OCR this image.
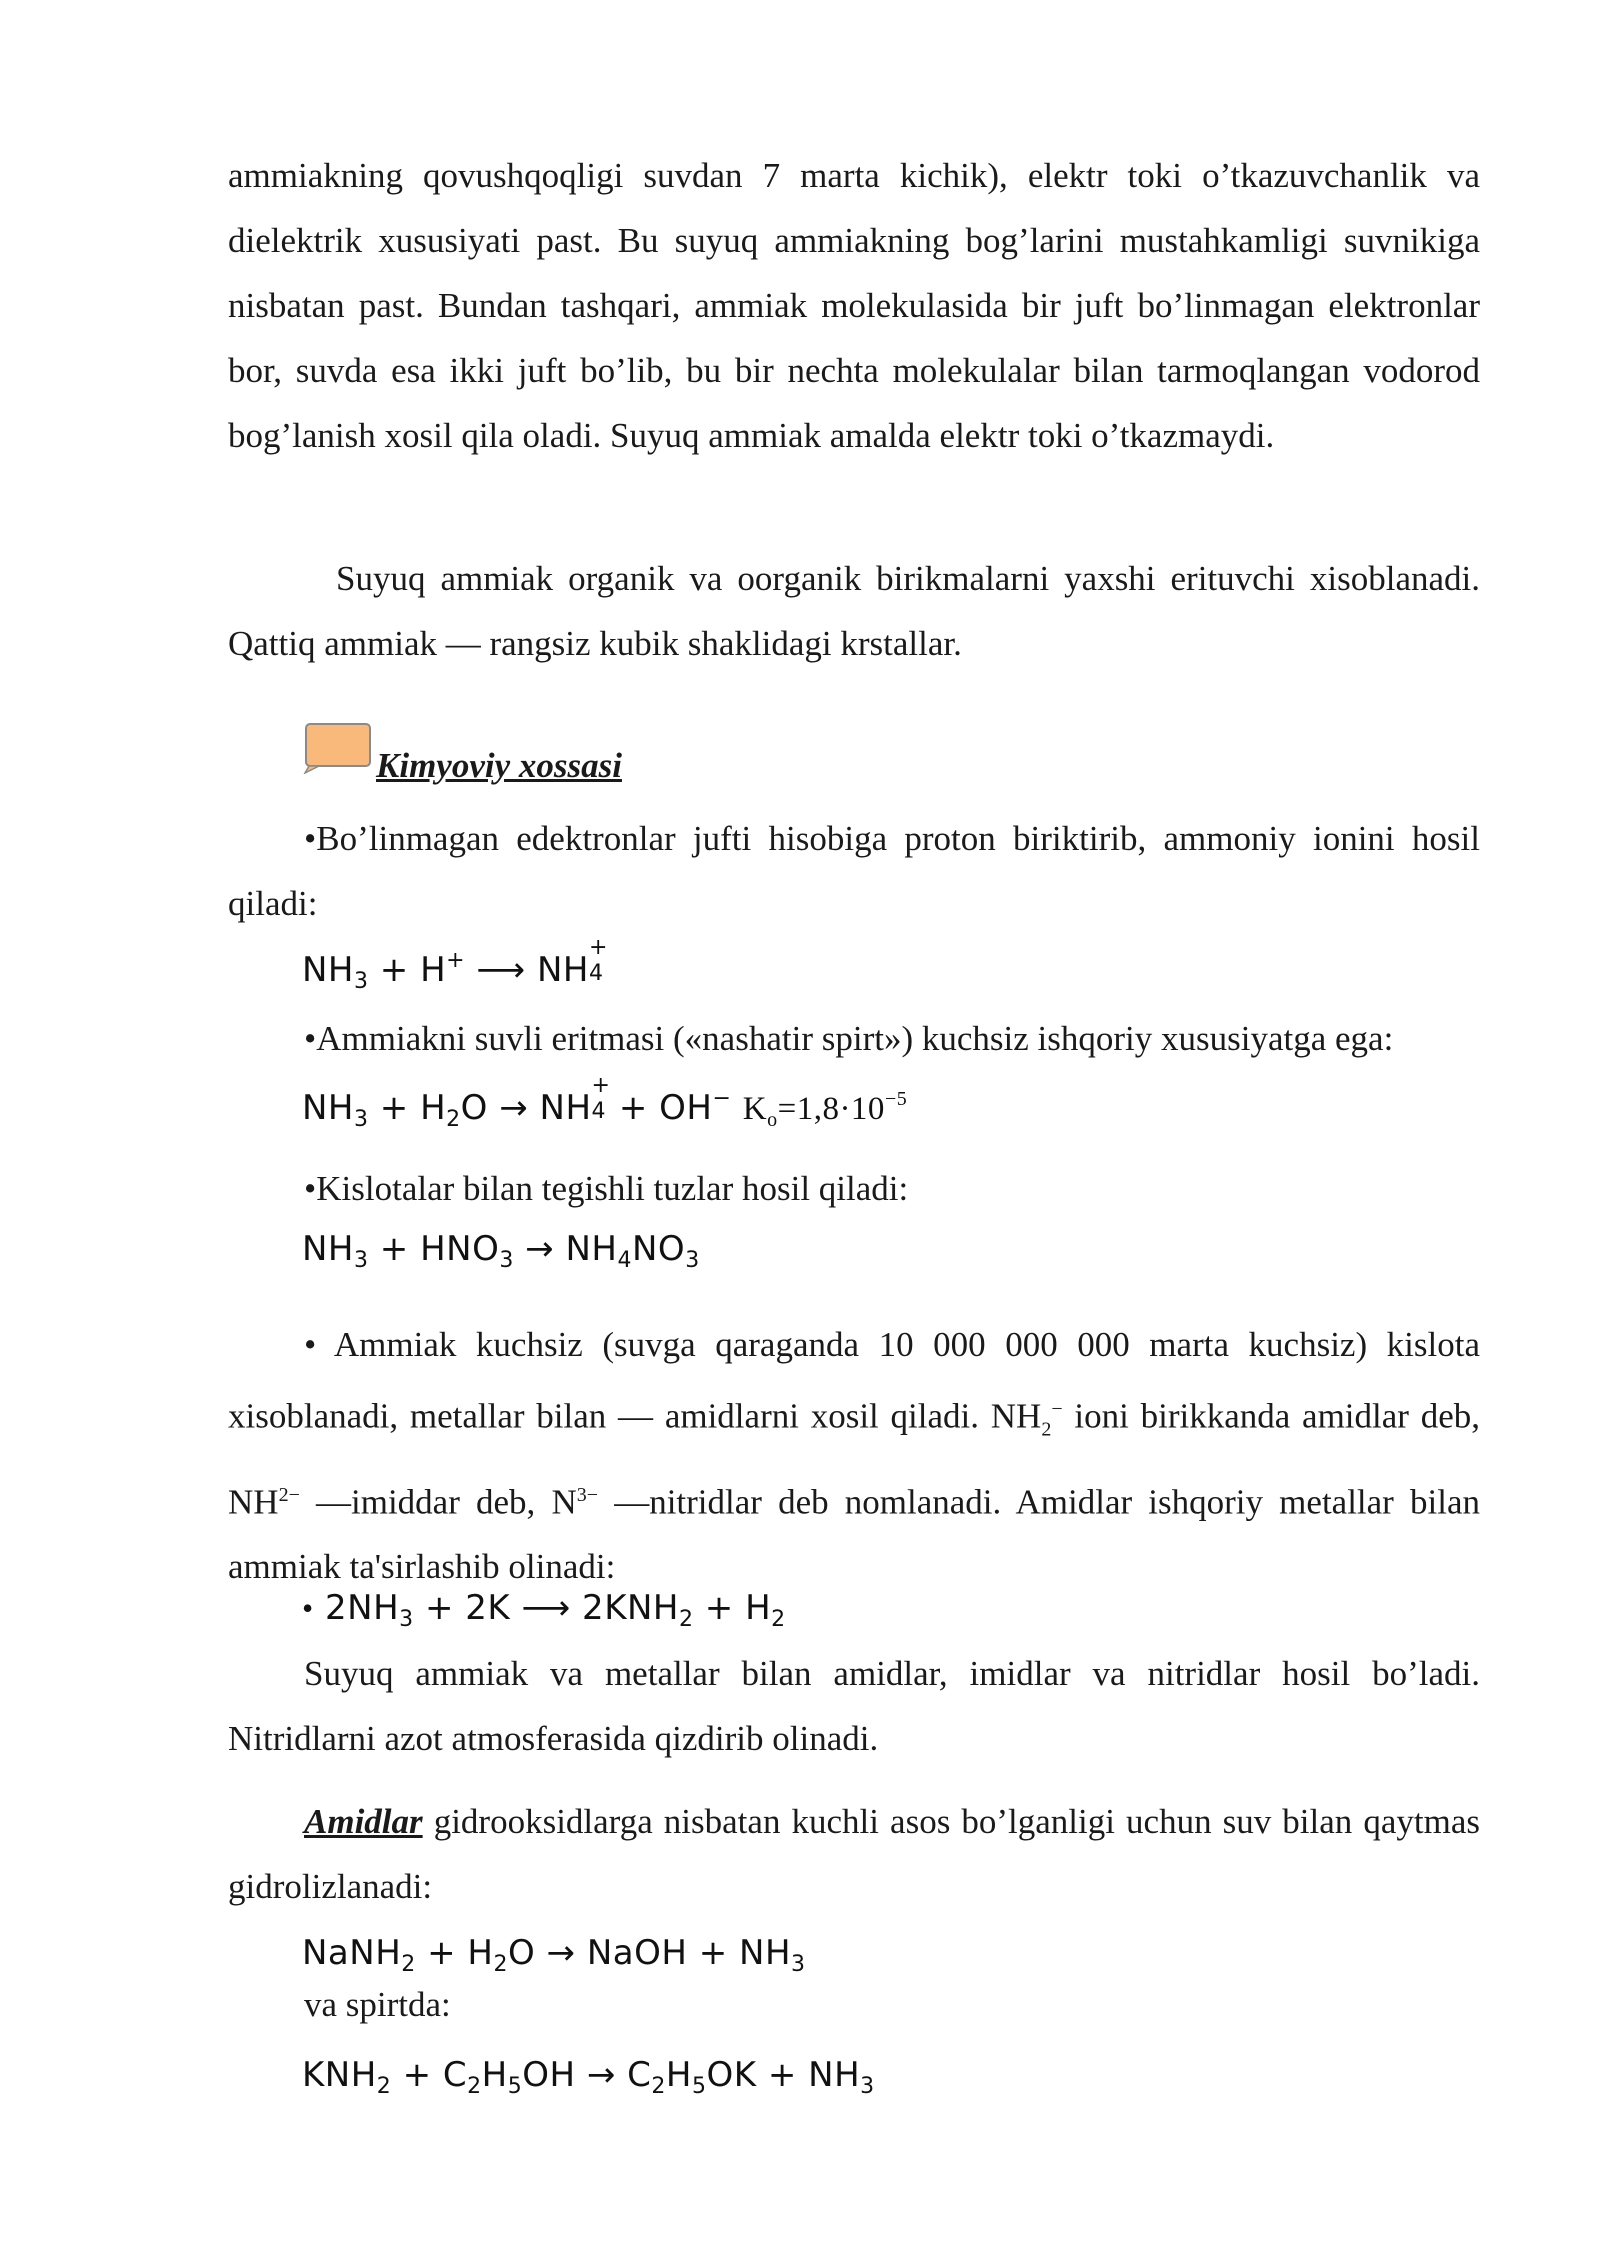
ammiakning qovushqoqligi suvdan 7 marta kichik), elektr toki o’tkazuvchanlik va dielektrik xususiyati past. Bu suyuq ammiakning bog’larini mustahkamligi suvnikiga nisbatan past. Bundan tashqari, ammiak molekulasida bir juft bo’linmagan elektronlar bor, suvda esa ikki juft bo’lib, bu bir nechta molekulalar bilan tarmoqlangan vodorod bog’lanish xosil qila oladi. Suyuq ammiak amalda elektr toki o’tkazmaydi.

Suyuq ammiak organik va oorganik birikmalarni yaxshi erituvchi xisoblanadi. Qattiq ammiak — rangsiz kubik shaklidagi krstallar.

Kimyoviy xossasi

•Bo’linmagan edektronlar jufti hisobiga proton biriktirib, ammoniy ionini hosil qiladi:

$NH_3 + H^+$ ⟶ NH
+
4

•Ammiakni suvli eritmasi («nashatir spirt») kuchsiz ishqoriy xususiyatga ega:

$NH_3 + H_2O$ → NH
+
4 + OH− $K_o=1,8\cdot 10^{-5}$

•Kislotalar bilan tegishli tuzlar hosil qiladi:

$NH_3 + HNO_3 \to NH_4NO_3$

• Ammiak kuchsiz (suvga qaraganda 10 000 000 000 marta kuchsiz) kislota xisoblanadi, metallar bilan — amidlarni xosil qiladi. $NH_2^-$ ioni birikkanda amidlar deb, $NH^{2-}$ —imiddar deb, $N^{3-}$ —nitridlar deb nomlanadi. Amidlar ishqoriy metallar bilan ammiak ta'sirlashib olinadi:

• $2NH_3 + 2K$ ⟶ $2KNH_2 + H_2$

Suyuq ammiak va metallar bilan amidlar, imidlar va nitridlar hosil bo’ladi. Nitridlarni azot atmosferasida qizdirib olinadi.

Amidlar gidrooksidlarga nisbatan kuchli asos bo’lganligi uchun suv bilan qaytmas gidrolizlanadi:

NaNH$_2$ + $H_2O$ → NaOH + $NH_3$

va spirtda:

$KNH_2 + C_2H_5OH \to C_2H_5OK + NH_3$
